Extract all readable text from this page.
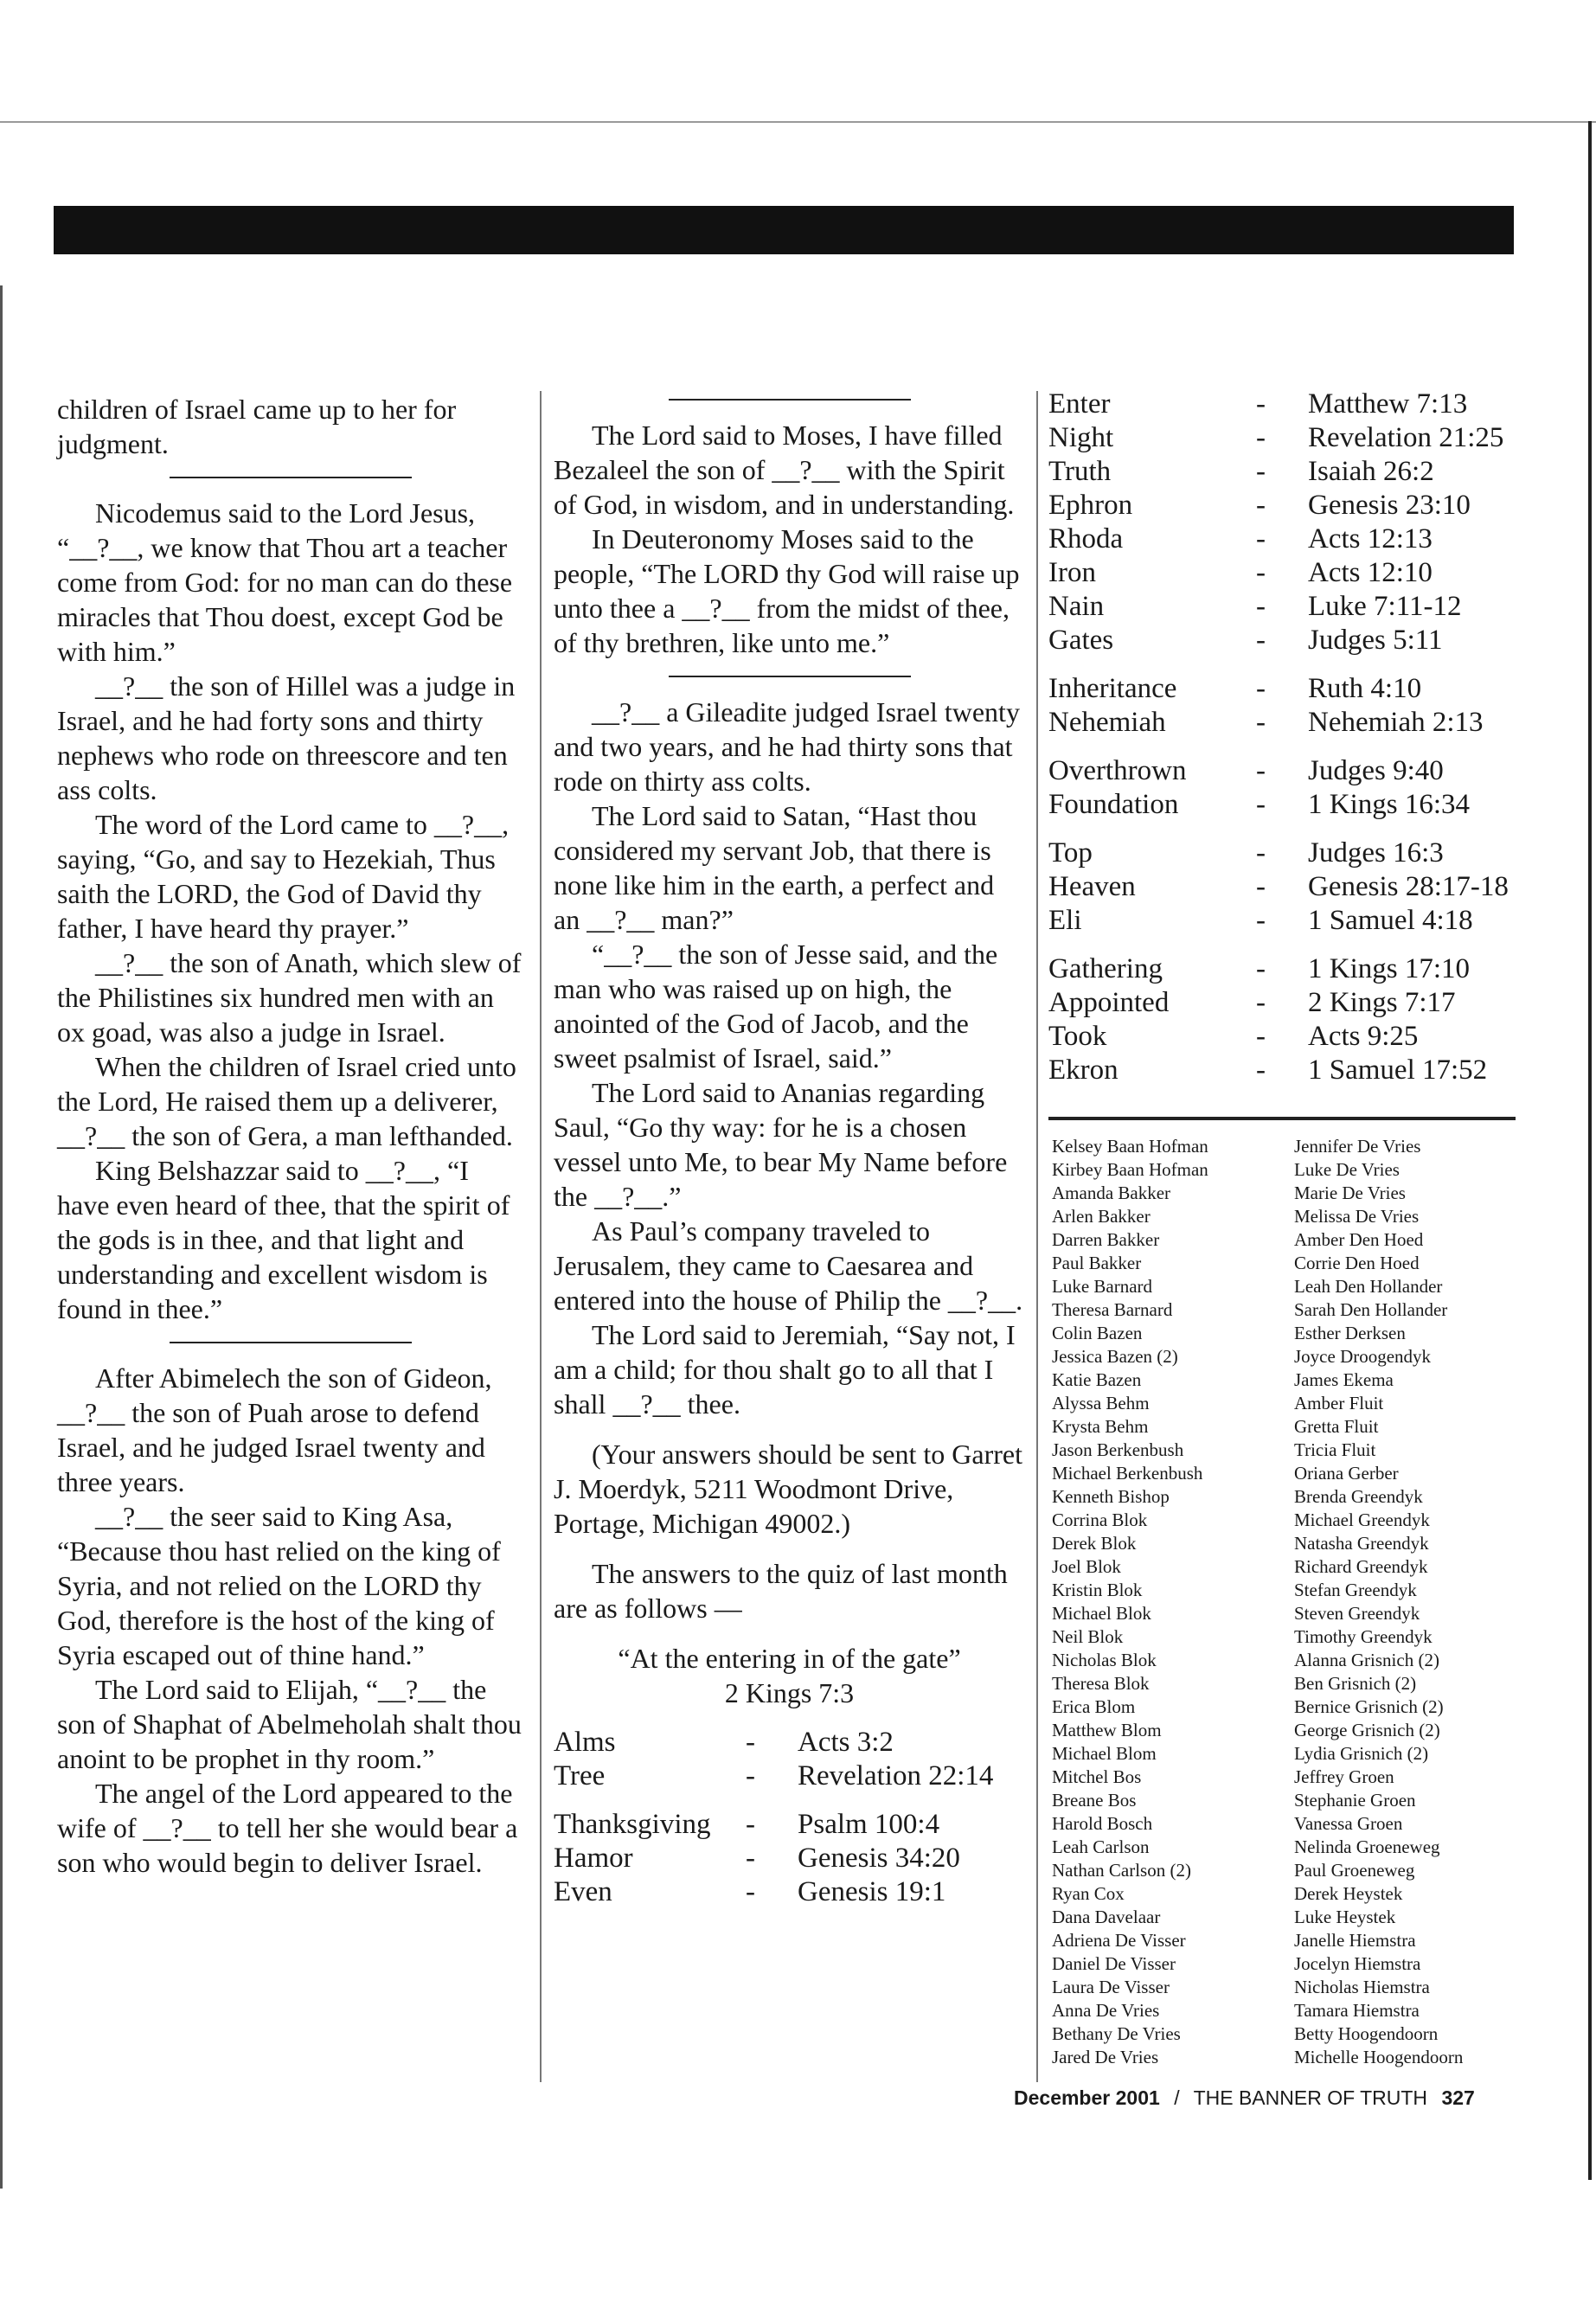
children of Israel came up to her for judgment.

Nicodemus said to the Lord Jesus, “__?__, we know that Thou art a teacher come from God: for no man can do these miracles that Thou doest, except God be with him.”

__?__ the son of Hillel was a judge in Israel, and he had forty sons and thirty nephews who rode on threescore and ten ass colts.

The word of the Lord came to __?__, saying, “Go, and say to Hezekiah, Thus saith the LORD, the God of David thy father, I have heard thy prayer.”

__?__ the son of Anath, which slew of the Philistines six hundred men with an ox goad, was also a judge in Israel.

When the children of Israel cried unto the Lord, He raised them up a deliverer, __?__ the son of Gera, a man lefthanded.

King Belshazzar said to __?__, “I have even heard of thee, that the spirit of the gods is in thee, and that light and understanding and excellent wisdom is found in thee.”

After Abimelech the son of Gideon, __?__ the son of Puah arose to defend Israel, and he judged Israel twenty and three years.

__?__ the seer said to King Asa, “Because thou hast relied on the king of Syria, and not relied on the LORD thy God, therefore is the host of the king of Syria escaped out of thine hand.”

The Lord said to Elijah, “__?__ the son of Shaphat of Abelmeholah shalt thou anoint to be prophet in thy room.”

The angel of the Lord appeared to the wife of __?__ to tell her she would bear a son who would begin to deliver Israel.

The Lord said to Moses, I have filled Bezaleel the son of __?__ with the Spirit of God, in wisdom, and in understanding.

In Deuteronomy Moses said to the people, “The LORD thy God will raise up unto thee a __?__ from the midst of thee, of thy brethren, like unto me.”

__?__ a Gileadite judged Israel twenty and two years, and he had thirty sons that rode on thirty ass colts.

The Lord said to Satan, “Hast thou considered my servant Job, that there is none like him in the earth, a perfect and an __?__ man?”

“__?__ the son of Jesse said, and the man who was raised up on high, the anointed of the God of Jacob, and the sweet psalmist of Israel, said.”

The Lord said to Ananias regarding Saul, “Go thy way: for he is a chosen vessel unto Me, to bear My Name before the __?__.”

As Paul’s company traveled to Jerusalem, they came to Caesarea and entered into the house of Philip the __?__.

The Lord said to Jeremiah, “Say not, I am a child; for thou shalt go to all that I shall __?__ thee.

(Your answers should be sent to Garret J. Moerdyk, 5211 Woodmont Drive, Portage, Michigan 49002.)

The answers to the quiz of last month are as follows —

“At the entering in of the gate”

2 Kings 7:3

Alms	-	Acts 3:2
Tree	-	Revelation 22:14
Thanksgiving	-	Psalm 100:4
Hamor	-	Genesis 34:20
Even	-	Genesis 19:1
Enter	-	Matthew 7:13
Night	-	Revelation 21:25
Truth	-	Isaiah 26:2
Ephron	-	Genesis 23:10
Rhoda	-	Acts 12:13
Iron	-	Acts 12:10
Nain	-	Luke 7:11-12
Gates	-	Judges 5:11
Inheritance	-	Ruth 4:10
Nehemiah	-	Nehemiah 2:13
Overthrown	-	Judges 9:40
Foundation	-	1 Kings 16:34
Top	-	Judges 16:3
Heaven	-	Genesis 28:17-18
Eli	-	1 Samuel 4:18
Gathering	-	1 Kings 17:10
Appointed	-	2 Kings 7:17
Took	-	Acts 9:25
Ekron	-	1 Samuel 17:52
Kelsey Baan Hofman
Kirbey Baan Hofman
Amanda Bakker
Arlen Bakker
Darren Bakker
Paul Bakker
Luke Barnard
Theresa Barnard
Colin Bazen
Jessica Bazen (2)
Katie Bazen
Alyssa Behm
Krysta Behm
Jason Berkenbush
Michael Berkenbush
Kenneth Bishop
Corrina Blok
Derek Blok
Joel Blok
Kristin Blok
Michael Blok
Neil Blok
Nicholas Blok
Theresa Blok
Erica Blom
Matthew Blom
Michael Blom
Mitchel Bos
Breane Bos
Harold Bosch
Leah Carlson
Nathan Carlson (2)
Ryan Cox
Dana Davelaar
Adriena De Visser
Daniel De Visser
Laura De Visser
Anna De Vries
Bethany De Vries
Jared De Vries
Jennifer De Vries
Luke De Vries
Marie De Vries
Melissa De Vries
Amber Den Hoed
Corrie Den Hoed
Leah Den Hollander
Sarah Den Hollander
Esther Derksen
Joyce Droogendyk
James Ekema
Amber Fluit
Gretta Fluit
Tricia Fluit
Oriana Gerber
Brenda Greendyk
Michael Greendyk
Natasha Greendyk
Richard Greendyk
Stefan Greendyk
Steven Greendyk
Timothy Greendyk
Alanna Grisnich (2)
Ben Grisnich (2)
Bernice Grisnich (2)
George Grisnich (2)
Lydia Grisnich (2)
Jeffrey Groen
Stephanie Groen
Vanessa Groen
Nelinda Groeneweg
Paul Groeneweg
Derek Heystek
Luke Heystek
Janelle Hiemstra
Jocelyn Hiemstra
Nicholas Hiemstra
Tamara Hiemstra
Betty Hoogendoorn
Michelle Hoogendoorn
December 2001 / THE BANNER OF TRUTH 327
